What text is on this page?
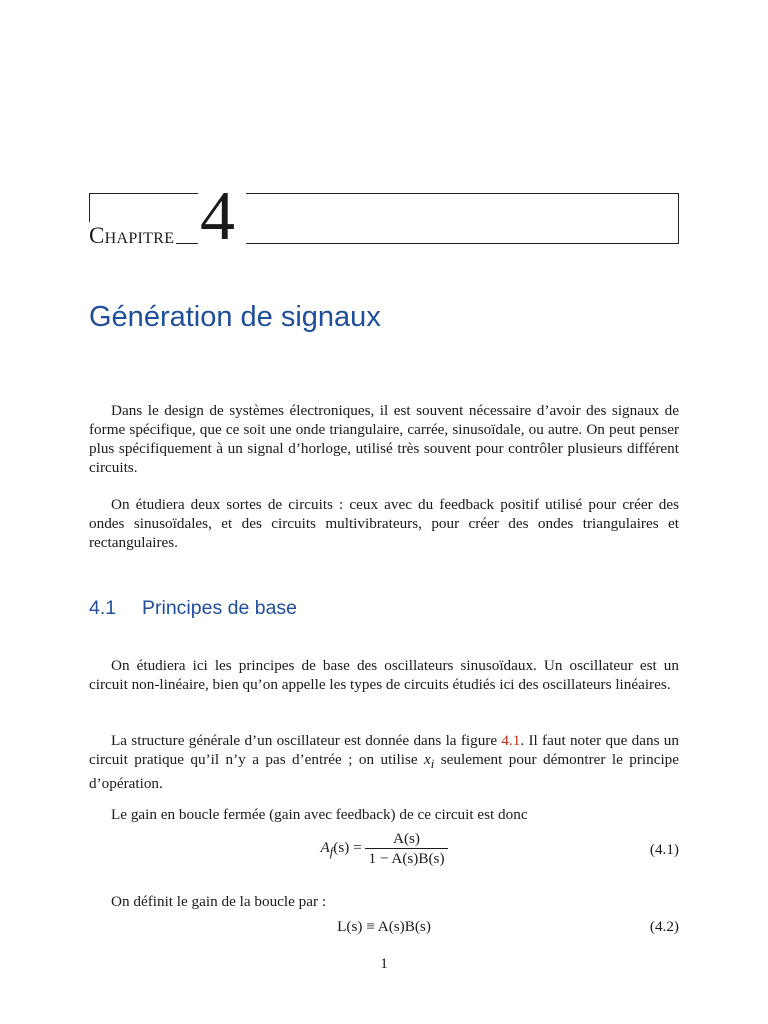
Chapitre 4
Génération de signaux

Dans le design de systèmes électroniques, il est souvent nécessaire d’avoir des signaux de forme spécifique, que ce soit une onde triangulaire, carrée, sinusoïdale, ou autre. On peut penser plus spécifiquement à un signal d’horloge, utilisé très souvent pour contrôler plusieurs différent circuits.

On étudiera deux sortes de circuits : ceux avec du feedback positif utilisé pour créer des ondes sinusoïdales, et des circuits multivibrateurs, pour créer des ondes triangulaires et rectangulaires.

4.1 Principes de base

On étudiera ici les principes de base des oscillateurs sinusoïdaux. Un oscillateur est un circuit non-linéaire, bien qu’on appelle les types de circuits étudiés ici des oscillateurs linéaires.

La structure générale d’un oscillateur est donnée dans la figure 4.1. Il faut noter que dans un circuit pratique qu’il n’y a pas d’entrée ; on utilise $x_i$ seulement pour démontrer le principe d’opération.

Le gain en boucle fermée (gain avec feedback) de ce circuit est donc

$A_f(s) = \frac{A(s)}{1 - A(s)B(s)}$	(4.1)

On définit le gain de la boucle par :

L(s) ≡ A(s)B(s)	(4.2)
1
